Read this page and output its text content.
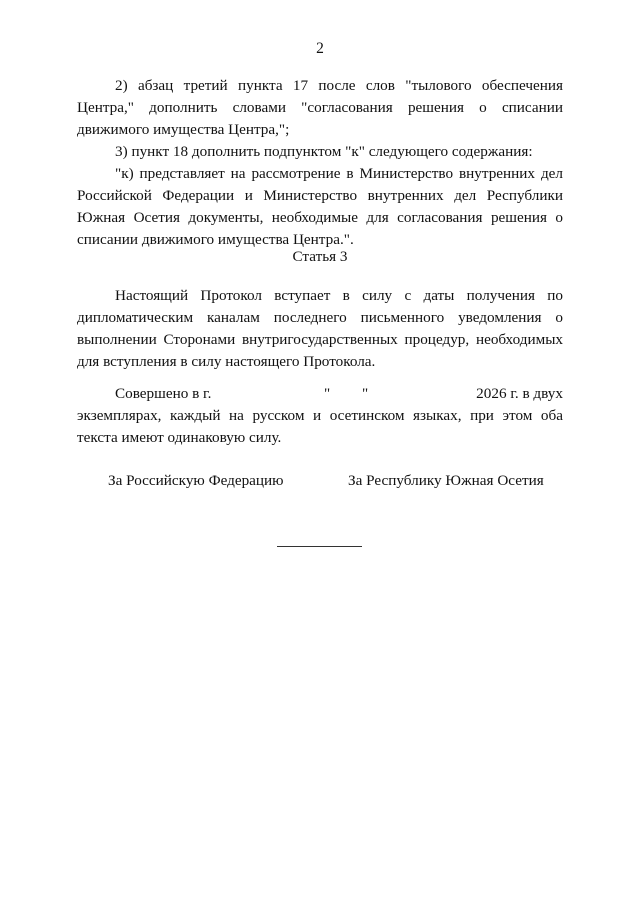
2

2) абзац третий пункта 17 после слов "тылового обеспечения Центра," дополнить словами "согласования решения о списании движимого имущества Центра,";

3) пункт 18 дополнить подпунктом "к" следующего содержания:

"к) представляет на рассмотрение в Министерство внутренних дел Российской Федерации и Министерство внутренних дел Республики Южная Осетия документы, необходимые для согласования решения о списании движимого имущества Центра.".

Статья 3

Настоящий Протокол вступает в силу с даты получения по дипломатическим каналам последнего письменного уведомления о выполнении Сторонами внутригосударственных процедур, необходимых для вступления в силу настоящего Протокола.

Совершено в г.	" "	2026 г. в двух

экземплярах, каждый на русском и осетинском языках, при этом оба текста имеют одинаковую силу.

За Российскую Федерацию	За Республику Южная Осетия
